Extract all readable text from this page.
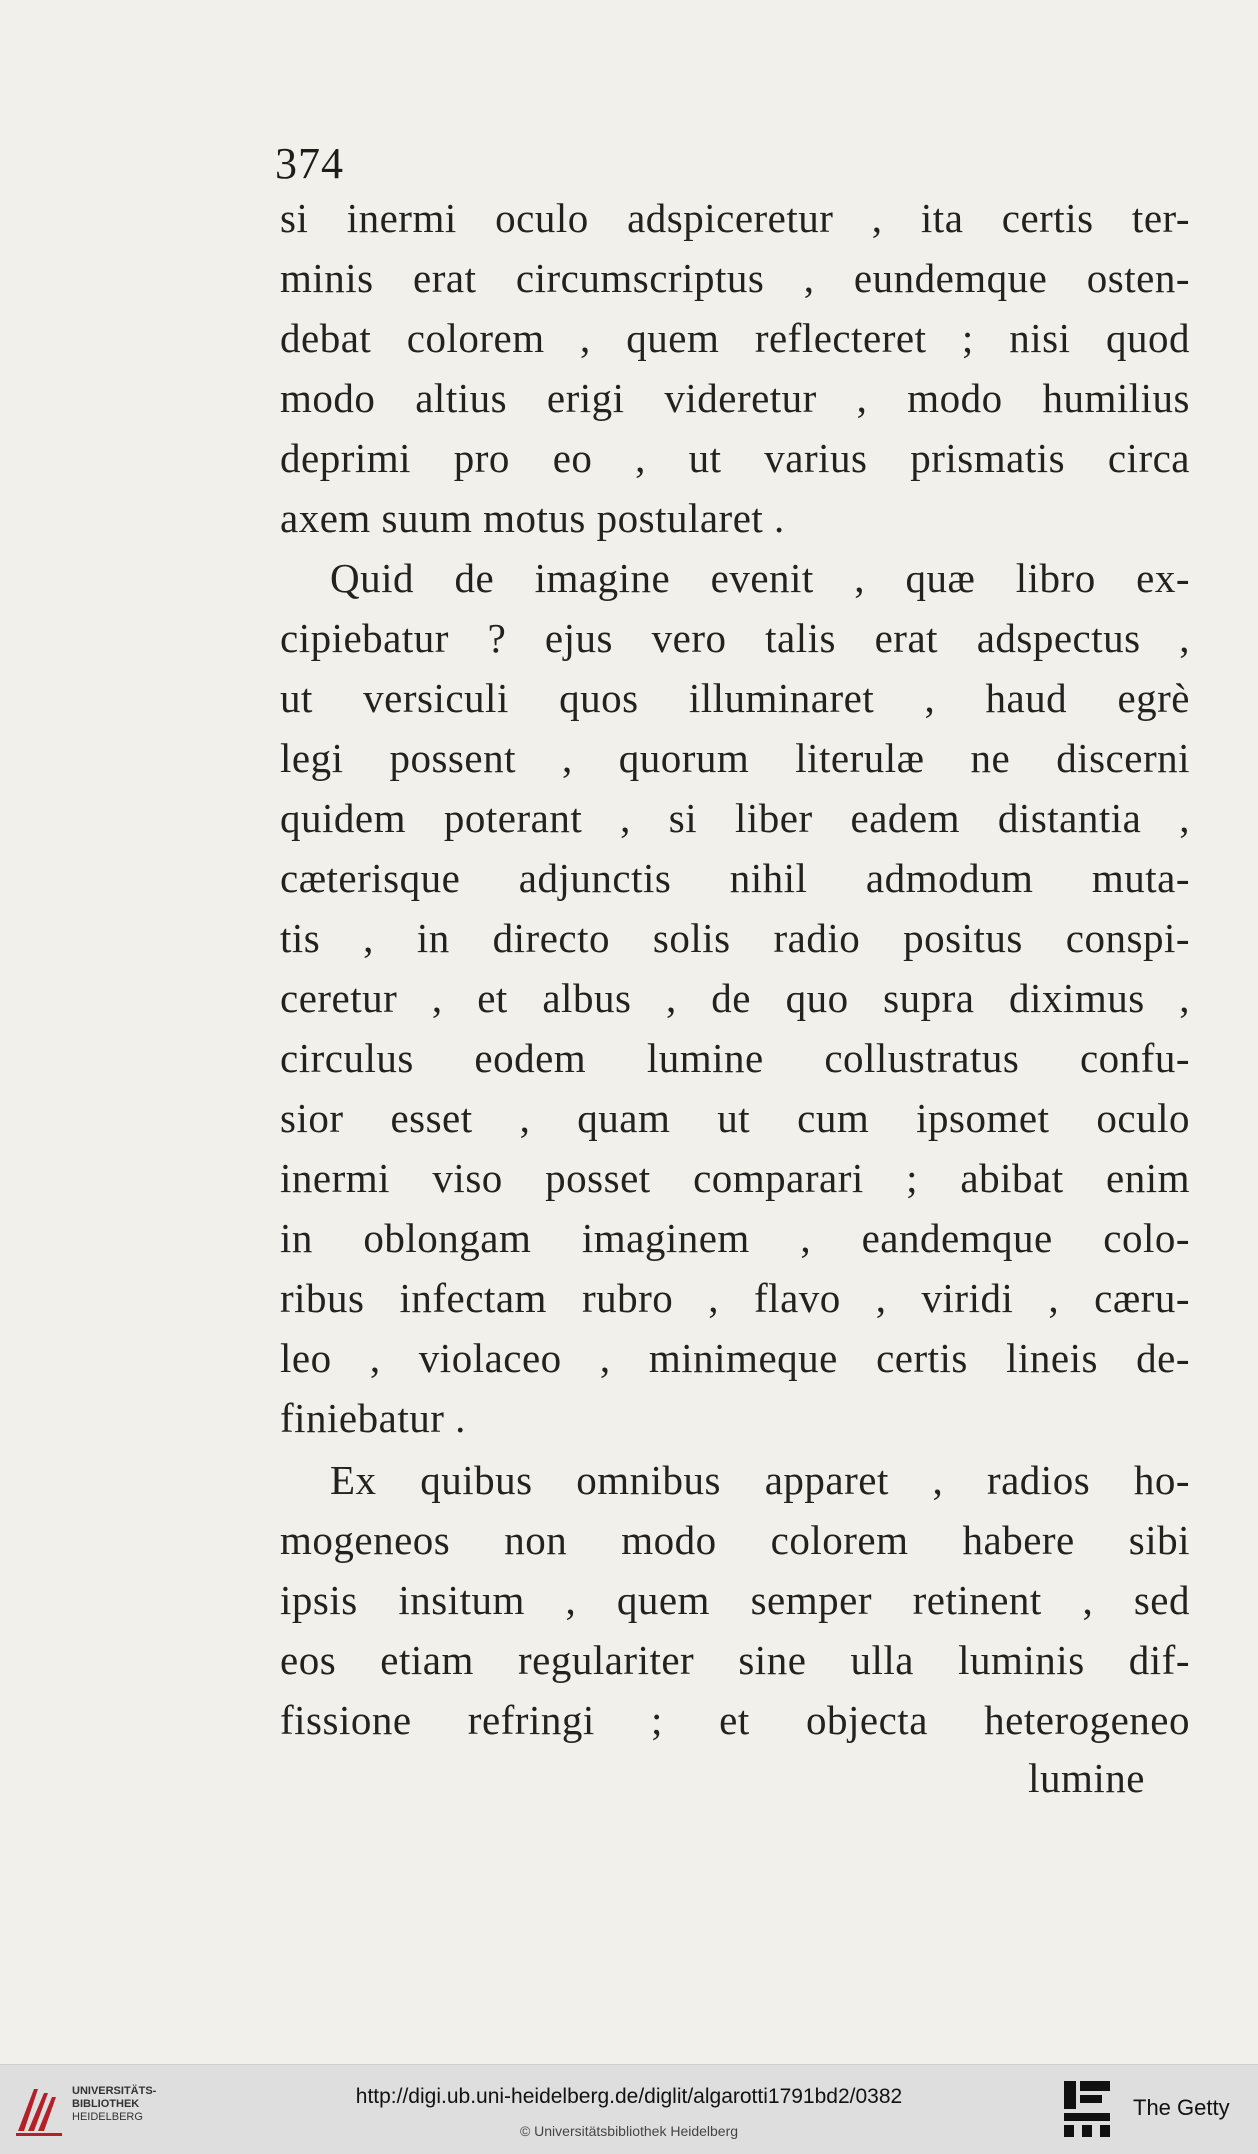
374
si inermi oculo adspiceretur , ita certis ter-
minis erat circumscriptus , eundemque osten-
debat colorem , quem reflecteret ; nisi quod
modo altius erigi videretur , modo humilius
deprimi pro eo , ut varius prismatis circa
axem suum motus postularet .
Quid de imagine evenit , quæ libro ex-
cipiebatur ? ejus vero talis erat adspectus ,
ut versiculi quos illuminaret , haud egrè
legi possent , quorum literulæ ne discerni
quidem poterant , si liber eadem distantia ,
cæterisque adjunctis nihil admodum muta-
tis , in directo solis radio positus conspi-
ceretur , et albus , de quo supra diximus ,
circulus eodem lumine collustratus confu-
sior esset , quam ut cum ipsomet oculo
inermi viso posset comparari ; abibat enim
in oblongam imaginem , eandemque colo-
ribus infectam rubro , flavo , viridi , cæru-
leo , violaceo , minimeque certis lineis de-
finiebatur .
Ex quibus omnibus apparet , radios ho-
mogeneos non modo colorem habere sibi
ipsis insitum , quem semper retinent , sed
eos etiam regulariter sine ulla luminis dif-
fissione refringi ; et objecta heterogeneo
lumine
UNIVERSITÄTS-
BIBLIOTHEK
HEIDELBERG
http://digi.ub.uni-heidelberg.de/diglit/algarotti1791bd2/0382
© Universitätsbibliothek Heidelberg
The Getty
